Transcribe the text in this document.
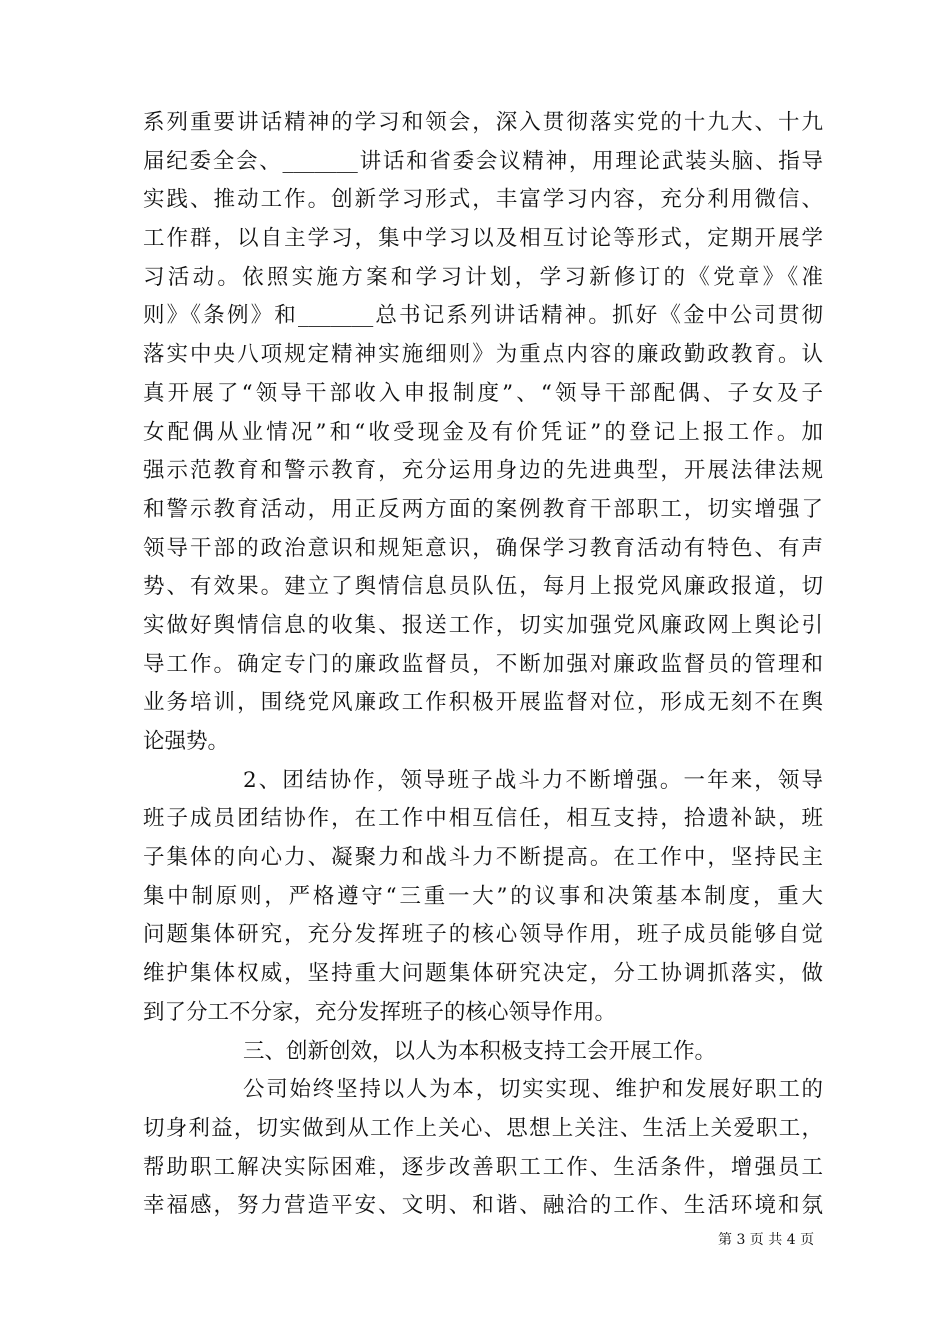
系列重要讲话精神的学习和领会，深入贯彻落实党的十九大、十九
届纪委全会、_______讲话和省委会议精神，用理论武装头脑、指导
实践、推动工作。创新学习形式，丰富学习内容，充分利用微信、
工作群，以自主学习，集中学习以及相互讨论等形式，定期开展学
习活动。依照实施方案和学习计划，学习新修订的《党章》《准
则》《条例》和_______总书记系列讲话精神。抓好《金中公司贯彻
落实中央八项规定精神实施细则》为重点内容的廉政勤政教育。认
真开展了“领导干部收入申报制度”、“领导干部配偶、子女及子
女配偶从业情况”和“收受现金及有价凭证”的登记上报工作。加
强示范教育和警示教育，充分运用身边的先进典型，开展法律法规
和警示教育活动，用正反两方面的案例教育干部职工，切实增强了
领导干部的政治意识和规矩意识，确保学习教育活动有特色、有声
势、有效果。建立了舆情信息员队伍，每月上报党风廉政报道，切
实做好舆情信息的收集、报送工作，切实加强党风廉政网上舆论引
导工作。确定专门的廉政监督员，不断加强对廉政监督员的管理和
业务培训，围绕党风廉政工作积极开展监督对位，形成无刻不在舆
论强势。
2、团结协作，领导班子战斗力不断增强。一年来，领导
班子成员团结协作，在工作中相互信任，相互支持，拾遗补缺，班
子集体的向心力、凝聚力和战斗力不断提高。在工作中，坚持民主
集中制原则，严格遵守“三重一大”的议事和决策基本制度，重大
问题集体研究，充分发挥班子的核心领导作用，班子成员能够自觉
维护集体权威，坚持重大问题集体研究决定，分工协调抓落实，做
到了分工不分家，充分发挥班子的核心领导作用。
三、创新创效，以人为本积极支持工会开展工作。
公司始终坚持以人为本，切实实现、维护和发展好职工的
切身利益，切实做到从工作上关心、思想上关注、生活上关爱职工，
帮助职工解决实际困难，逐步改善职工工作、生活条件，增强员工
幸福感，努力营造平安、文明、和谐、融洽的工作、生活环境和氛
第 3 页 共 4 页
